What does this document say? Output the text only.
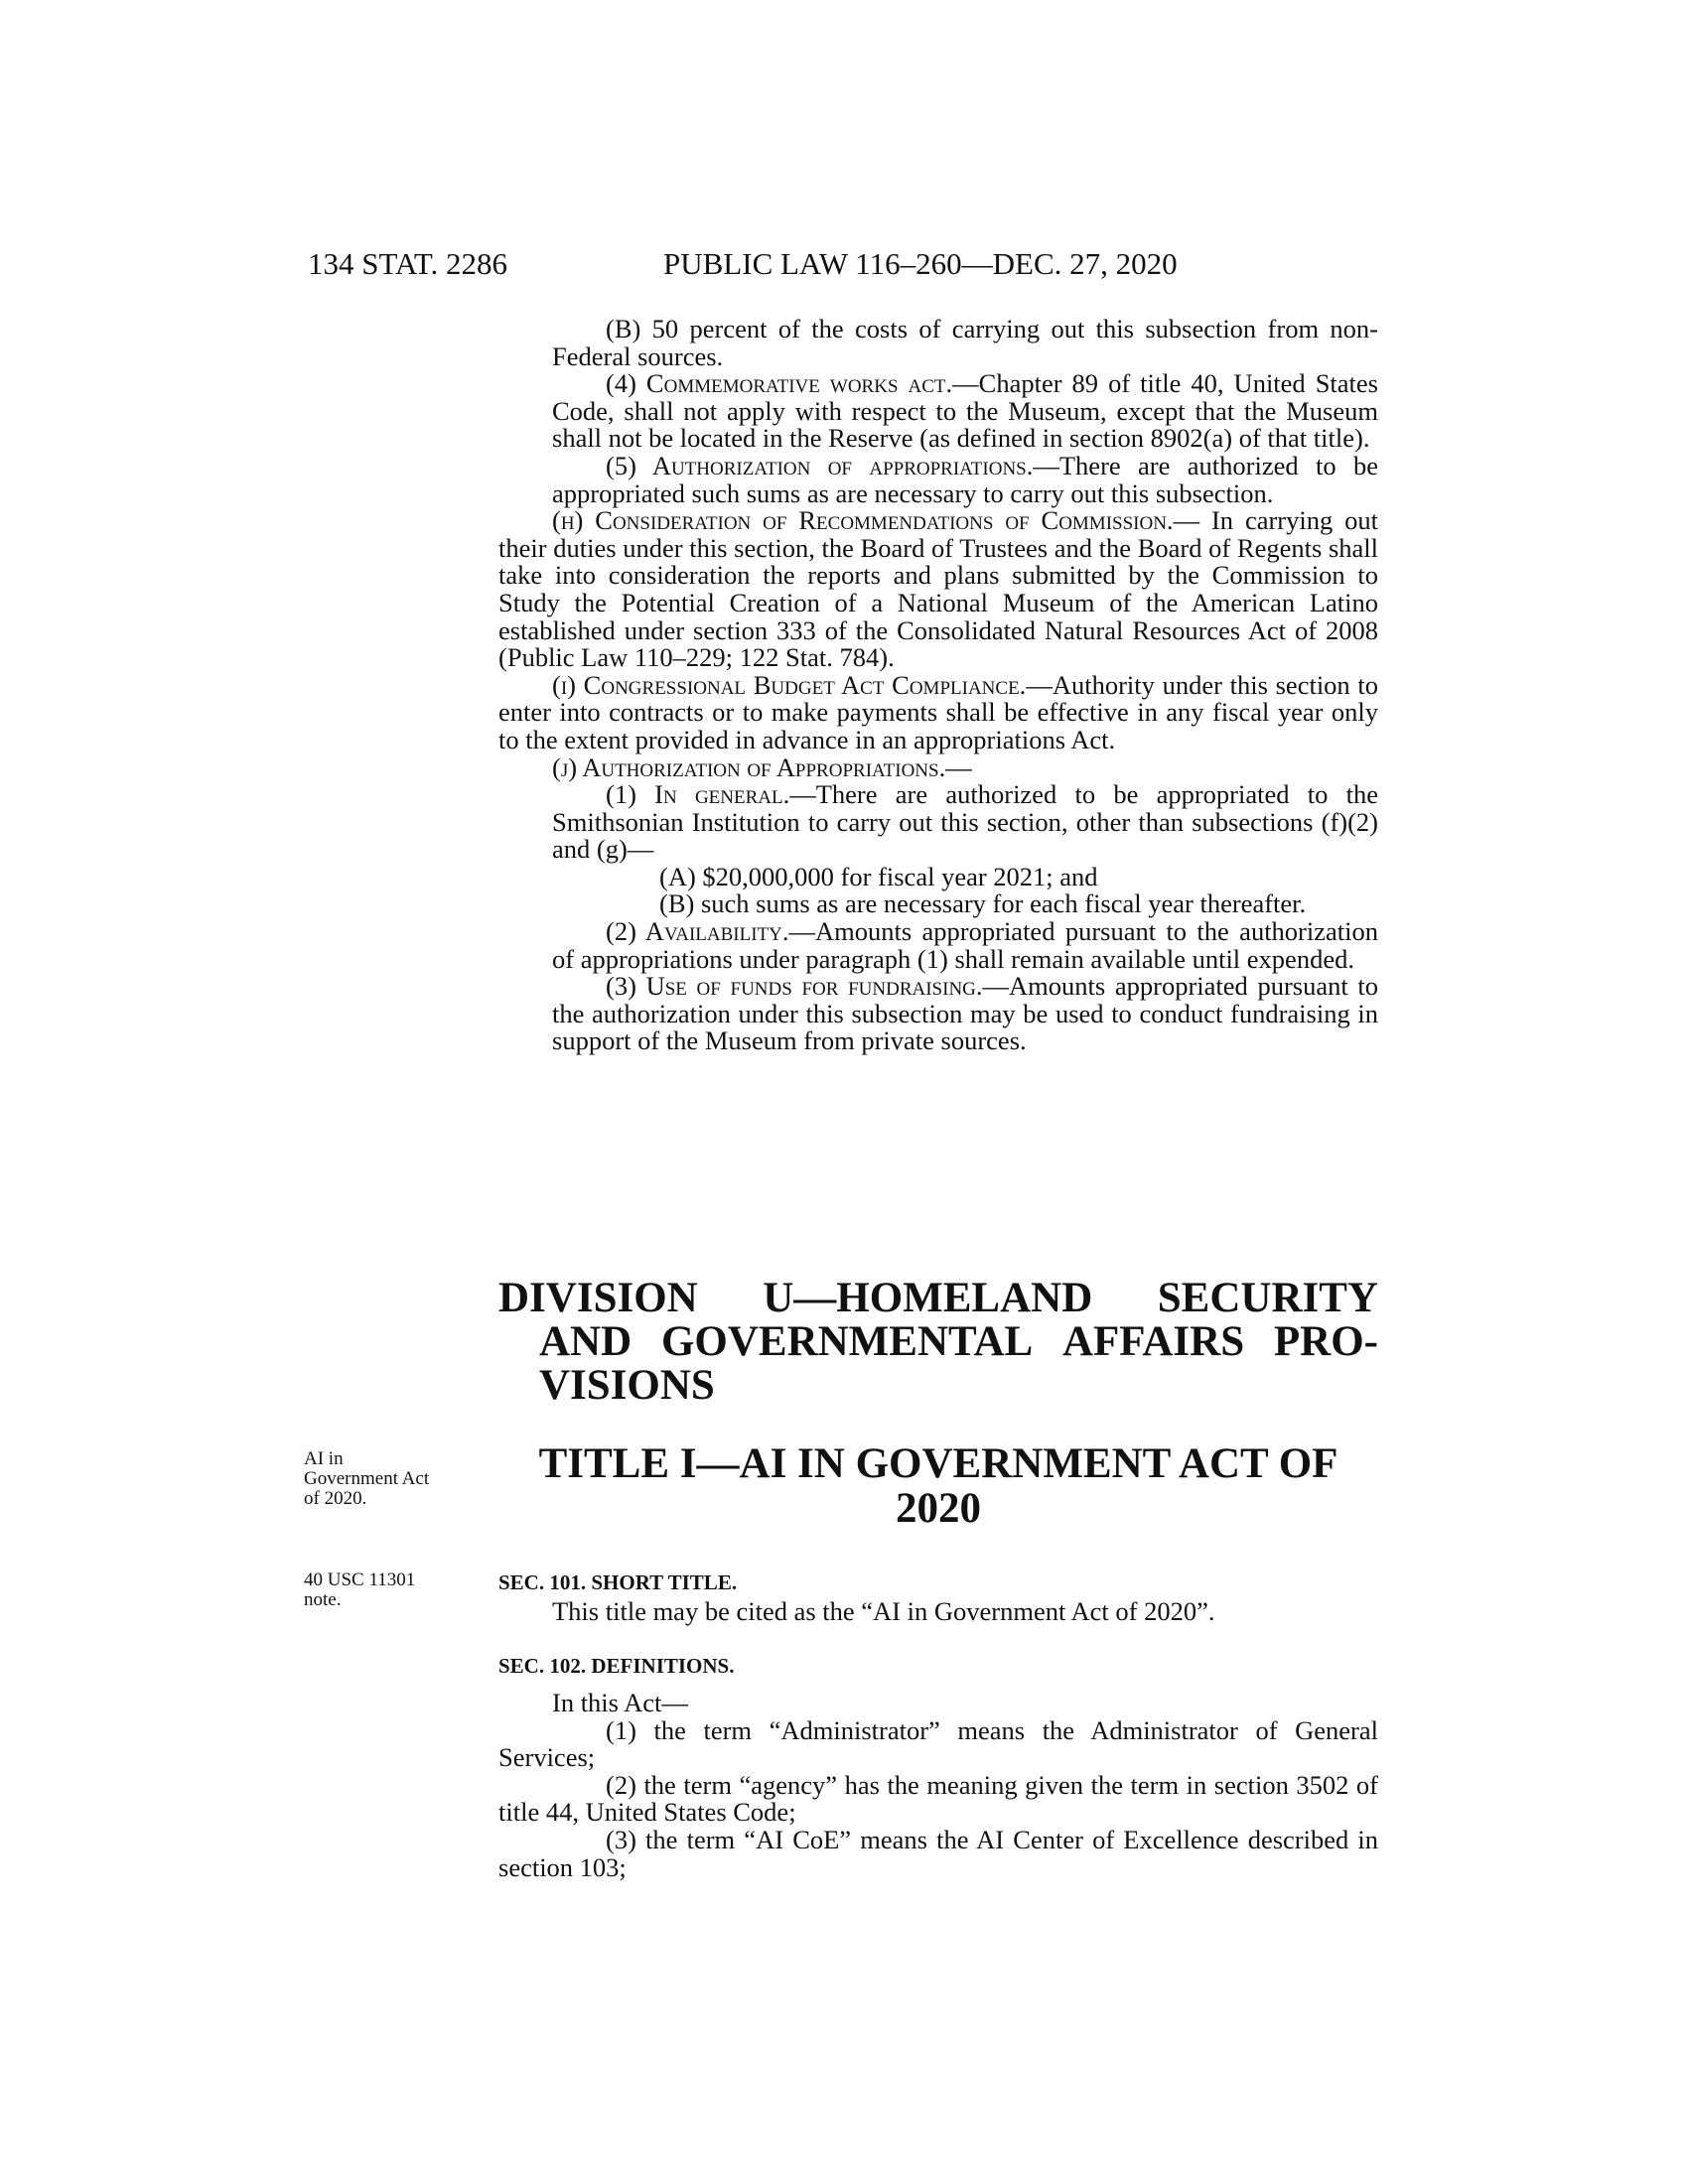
134 STAT. 2286	PUBLIC LAW 116–260—DEC. 27, 2020

(B) 50 percent of the costs of carrying out this subsection from non-Federal sources.

(4) Commemorative works act.—Chapter 89 of title 40, United States Code, shall not apply with respect to the Museum, except that the Museum shall not be located in the Reserve (as defined in section 8902(a) of that title).

(5) Authorization of appropriations.—There are authorized to be appropriated such sums as are necessary to carry out this subsection.

(h) Consideration of Recommendations of Commission.— In carrying out their duties under this section, the Board of Trustees and the Board of Regents shall take into consideration the reports and plans submitted by the Commission to Study the Potential Creation of a National Museum of the American Latino established under section 333 of the Consolidated Natural Resources Act of 2008 (Public Law 110–229; 122 Stat. 784).

(i) Congressional Budget Act Compliance.—Authority under this section to enter into contracts or to make payments shall be effective in any fiscal year only to the extent provided in advance in an appropriations Act.

(j) Authorization of Appropriations.—

(1) In general.—There are authorized to be appropriated to the Smithsonian Institution to carry out this section, other than subsections (f)(2) and (g)—

(A) $20,000,000 for fiscal year 2021; and

(B) such sums as are necessary for each fiscal year thereafter.

(2) Availability.—Amounts appropriated pursuant to the authorization of appropriations under paragraph (1) shall remain available until expended.

(3) Use of funds for fundraising.—Amounts appropriated pursuant to the authorization under this subsection may be used to conduct fundraising in support of the Museum from private sources.

DIVISION U—HOMELAND SECURITY

AND GOVERNMENTAL AFFAIRS PRO-

VISIONS

AI in
Government Act
of 2020.

TITLE I—AI IN GOVERNMENT ACT OF

2020

40 USC 11301
note.
SEC. 101. SHORT TITLE.

This title may be cited as the “AI in Government Act of 2020”.

SEC. 102. DEFINITIONS.

In this Act—

(1) the term “Administrator” means the Administrator of General Services;

(2) the term “agency” has the meaning given the term in section 3502 of title 44, United States Code;

(3) the term “AI CoE” means the AI Center of Excellence described in section 103;
